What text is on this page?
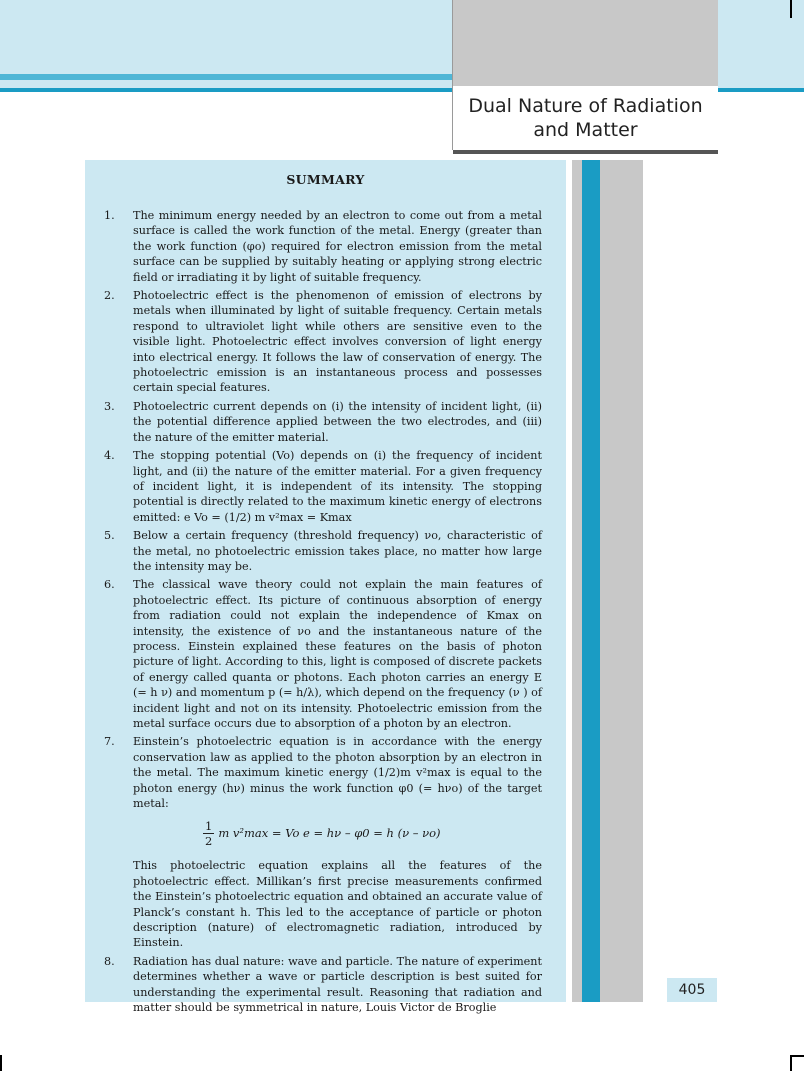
Dual Nature of Radiation
and Matter
SUMMARY
1.	The minimum energy needed by an electron to come out from a metal surface is called the work function of the metal. Energy (greater than the work function (φo) required for electron emission from the metal surface can be supplied by suitably heating or applying strong electric field or irradiating it by light of suitable frequency.
2.	Photoelectric effect is the phenomenon of emission of electrons by metals when illuminated by light of suitable frequency. Certain metals respond to ultraviolet light while others are sensitive even to the visible light. Photoelectric effect involves conversion of light energy into electrical energy. It follows the law of conservation of energy. The photoelectric emission is an instantaneous process and possesses certain special features.
3.	Photoelectric current depends on (i) the intensity of incident light, (ii) the potential difference applied between the two electrodes, and (iii) the nature of the emitter material.
4.	The stopping potential (Vo) depends on (i) the frequency of incident light, and (ii) the nature of the emitter material. For a given frequency of incident light, it is independent of its intensity. The stopping potential is directly related to the maximum kinetic energy of electrons emitted: e Vo = (1/2) m v²max = Kmax
5.	Below a certain frequency (threshold frequency) νo, characteristic of the metal, no photoelectric emission takes place, no matter how large the intensity may be.
6.	The classical wave theory could not explain the main features of photoelectric effect. Its picture of continuous absorption of energy from radiation could not explain the independence of Kmax on intensity, the existence of νo and the instantaneous nature of the process. Einstein explained these features on the basis of photon picture of light. According to this, light is composed of discrete packets of energy called quanta or photons. Each photon carries an energy E (= h ν) and momentum p (= h/λ), which depend on the frequency (ν ) of incident light and not on its intensity. Photoelectric emission from the metal surface occurs due to absorption of a photon by an electron.
7.	Einstein’s photoelectric equation is in accordance with the energy conservation law as applied to the photon absorption by an electron in the metal. The maximum kinetic energy (1/2)m v²max is equal to the photon energy (hν) minus the work function φ0 (= hνo) of the target metal:
$\frac{1}{2}$ m v²max = Vo e = hν – φ0 = h (ν – νo)
This photoelectric equation explains all the features of the photoelectric effect. Millikan’s first precise measurements confirmed the Einstein’s photoelectric equation and obtained an accurate value of Planck’s constant h. This led to the acceptance of particle or photon description (nature) of electromagnetic radiation, introduced by Einstein.
8.	Radiation has dual nature: wave and particle. The nature of experiment determines whether a wave or particle description is best suited for understanding the experimental result. Reasoning that radiation and matter should be symmetrical in nature, Louis Victor de Broglie
405
